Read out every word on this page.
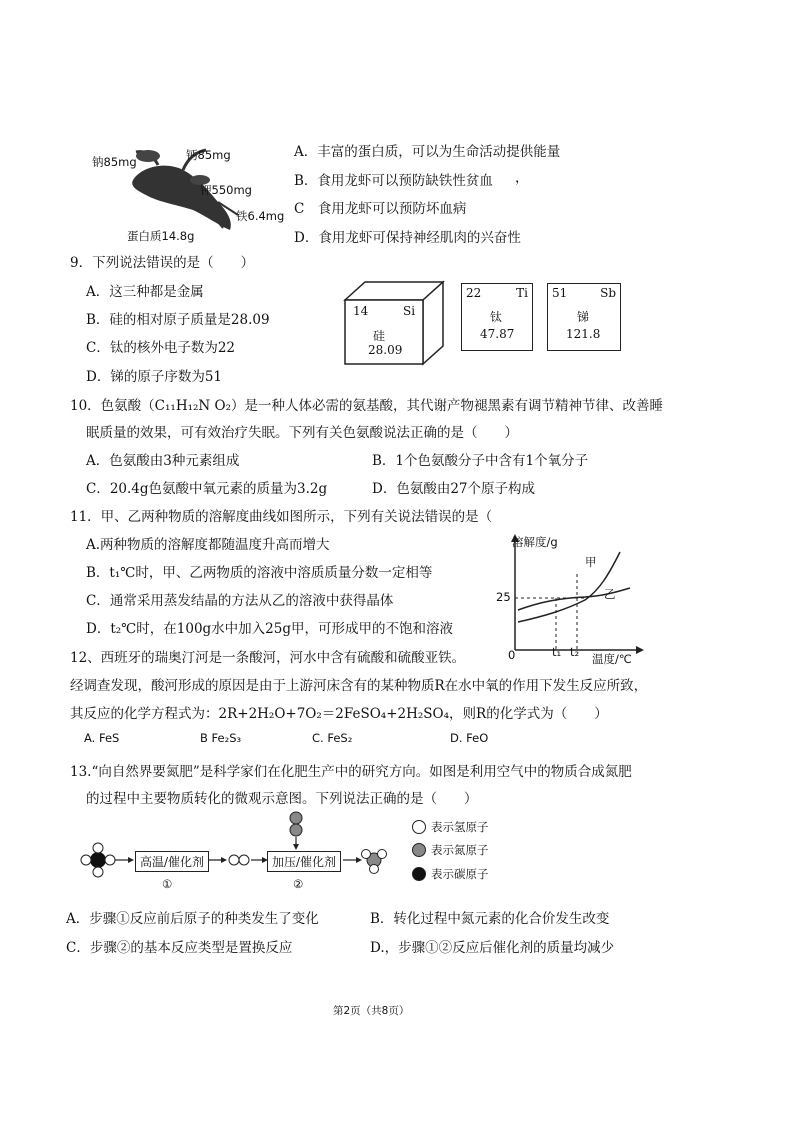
钠85mg	钙85mg
钾550mg
铁6.4mg
蛋白质14.8g
A．丰富的蛋白质，可以为生命活动提供能量
B．食用龙虾可以预防缺铁性贫血 ，
C　食用龙虾可以预防坏血病
D．食用龙虾可保持神经肌肉的兴奋性
9．下列说法错误的是（　　）
A．这三种都是金属
B．硅的相对原子质量是28.09
C．钛的核外电子数为22
D．锑的原子序数为51
14	Si
硅
28.09
22	Ti
钛
47.87
51	Sb
锑
121.8
10．色氨酸（C₁₁H₁₂N O₂）是一种人体必需的氨基酸，其代谢产物褪黑素有调节精神节律、改善睡
眠质量的效果，可有效治疗失眠。下列有关色氨酸说法正确的是（　　）
A．色氨酸由3种元素组成	B．1个色氨酸分子中含有1个氧分子
C．20.4g色氨酸中氧元素的质量为3.2g	D．色氨酸由27个原子构成
11．甲、乙两种物质的溶解度曲线如图所示，下列有关说法错误的是（
A.两种物质的溶解度都随温度升高而增大
B．t₁℃时，甲、乙两物质的溶液中溶质质量分数一定相等
C．通常采用蒸发结晶的方法从乙的溶液中获得晶体
D．t₂℃时，在100g水中加入25g甲，可形成甲的不饱和溶液
溶解度/g
温度/℃
0
25
t₁ t₂
甲
乙
12、西班牙的瑞奥汀河是一条酸河，河水中含有硫酸和硫酸亚铁。
经调查发现，酸河形成的原因是由于上游河床含有的某种物质R在水中氧的作用下发生反应所致，
其反应的化学方程式为：2R+2H₂O+7O₂＝2FeSO₄+2H₂SO₄，则R的化学式为（　　）
A. FeS	B Fe₂S₃	C. FeS₂	D. FeO
13.“向自然界要氮肥”是科学家们在化肥生产中的研究方向。如图是利用空气中的物质合成氮肥
的过程中主要物质转化的微观示意图。下列说法正确的是（　　）
高温/催化剂
①
加压/催化剂
②
表示氢原子
表示氮原子
表示碳原子
A．步骤①反应前后原子的种类发生了变化	B．转化过程中氮元素的化合价发生改变
C．步骤②的基本反应类型是置换反应	D.，步骤①②反应后催化剂的质量均减少
第2页（共8页）
